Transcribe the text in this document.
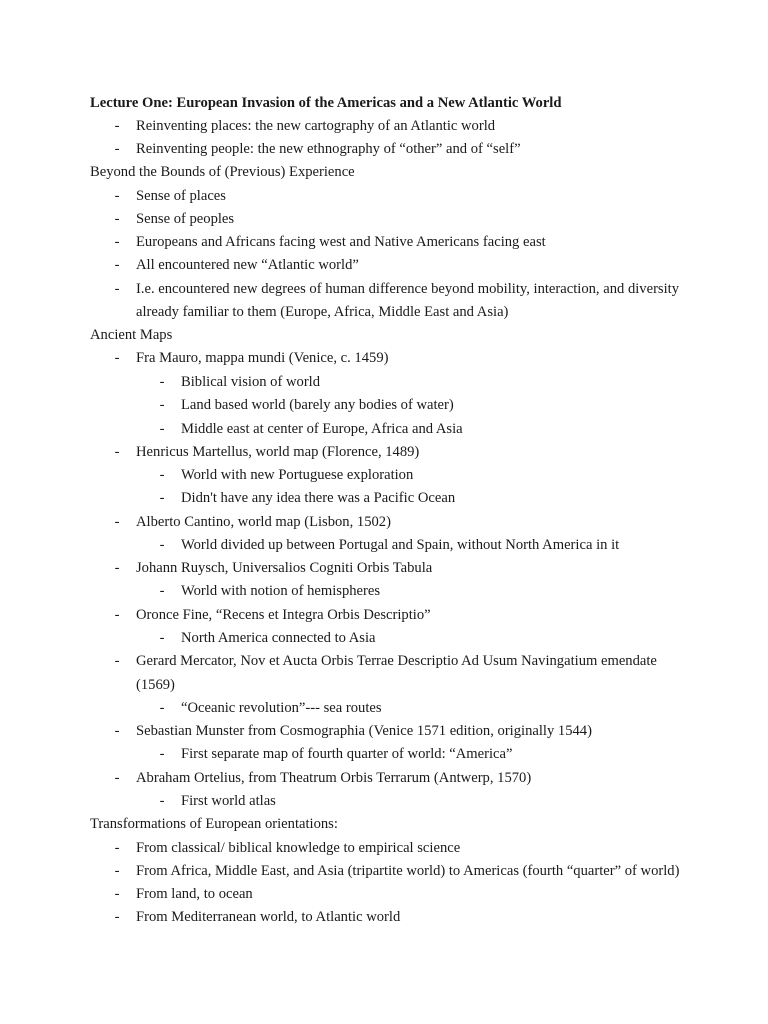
Lecture One: European Invasion of the Americas and a New Atlantic World
- Reinventing places: the new cartography of an Atlantic world
- Reinventing people: the new ethnography of “other” and of “self”
Beyond the Bounds of (Previous) Experience
- Sense of places
- Sense of peoples
- Europeans and Africans facing west and Native Americans facing east
- All encountered new “Atlantic world”
- I.e. encountered new degrees of human difference beyond mobility, interaction, and diversity
already familiar to them (Europe, Africa, Middle East and Asia)
Ancient Maps
- Fra Mauro, mappa mundi (Venice, c. 1459)
- Biblical vision of world
- Land based world (barely any bodies of water)
- Middle east at center of Europe, Africa and Asia
- Henricus Martellus, world map (Florence, 1489)
- World with new Portuguese exploration
- Didn't have any idea there was a Pacific Ocean
- Alberto Cantino, world map (Lisbon, 1502)
- World divided up between Portugal and Spain, without North America in it
- Johann Ruysch, Universalios Cogniti Orbis Tabula
- World with notion of hemispheres
- Oronce Fine, “Recens et Integra Orbis Descriptio”
- North America connected to Asia
- Gerard Mercator, Nov et Aucta Orbis Terrae Descriptio Ad Usum Navingatium emendate
(1569)
- “Oceanic revolution”--- sea routes
- Sebastian Munster from Cosmographia (Venice 1571 edition, originally 1544)
- First separate map of fourth quarter of world: “America”
- Abraham Ortelius, from Theatrum Orbis Terrarum (Antwerp, 1570)
- First world atlas
Transformations of European orientations:
- From classical/ biblical knowledge to empirical science
- From Africa, Middle East, and Asia (tripartite world) to Americas (fourth “quarter” of world)
- From land, to ocean
- From Mediterranean world, to Atlantic world
